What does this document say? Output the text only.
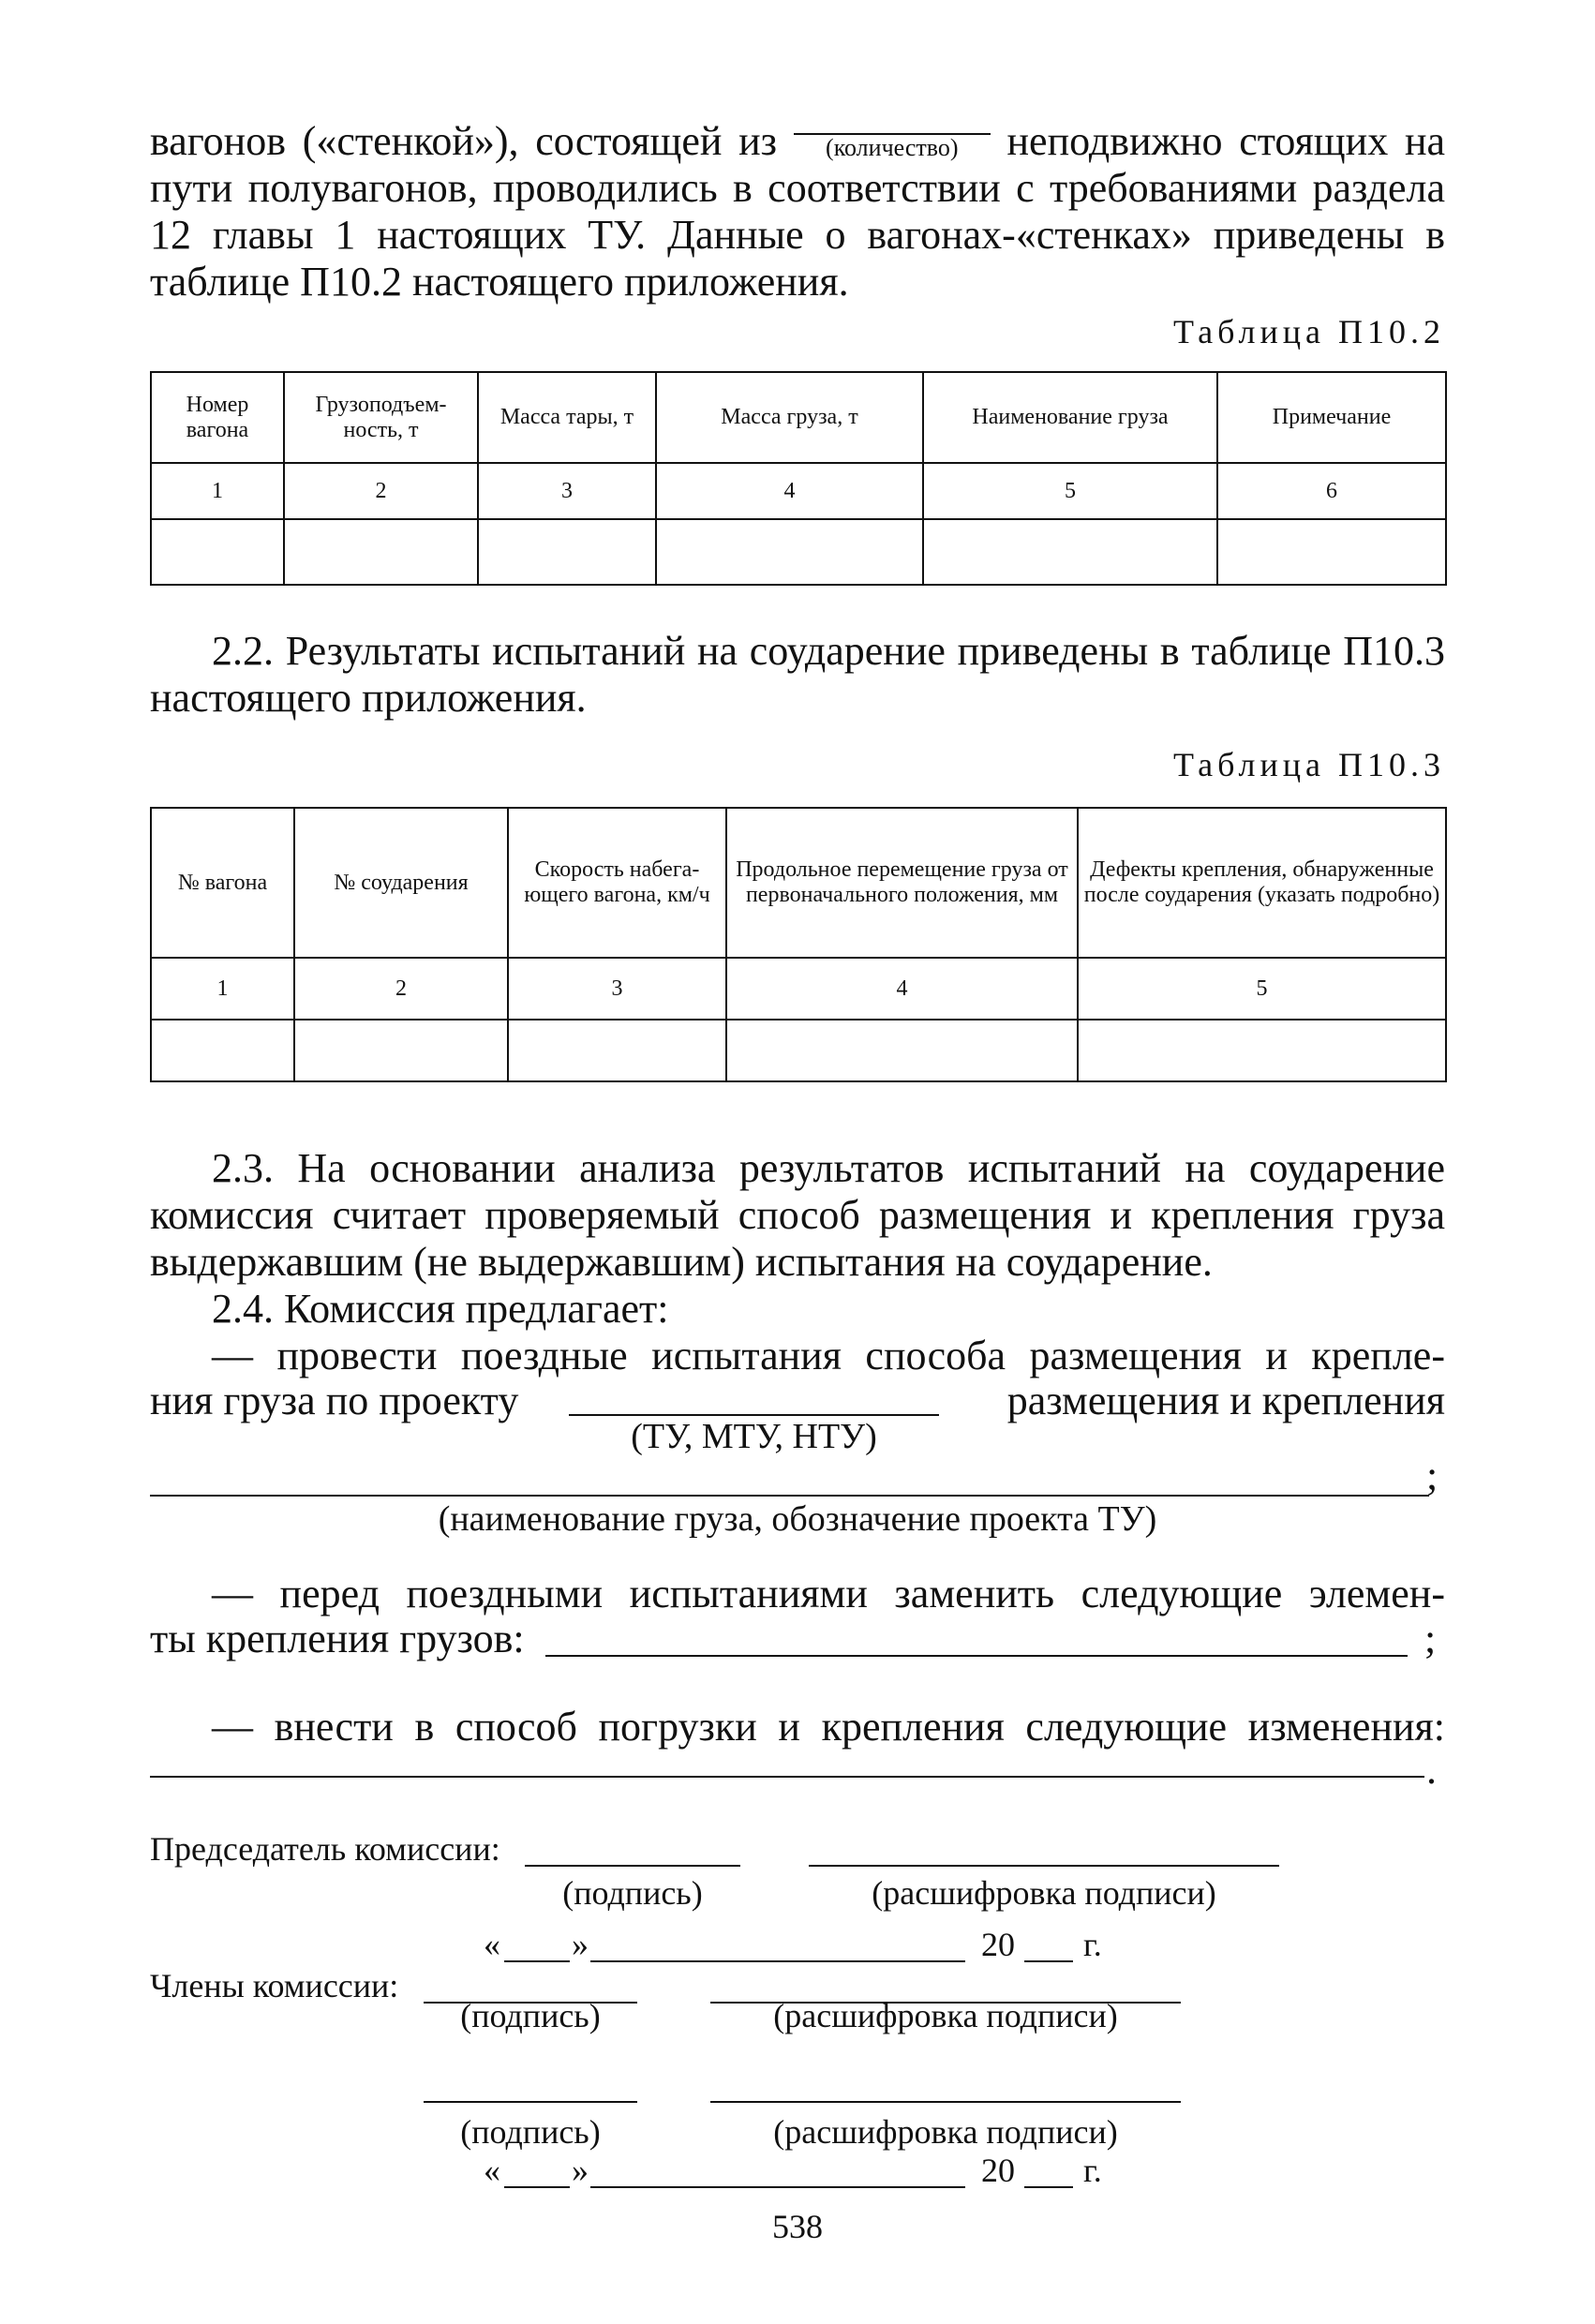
вагонов («стенкой»), состоящей из	(количество)	неподвижно стоящих на пути полувагонов, проводились в соответствии с требованиями раздела 12 главы 1 настоящих ТУ. Данные о вагонах-«стенках» приведены в таблице П10.2 настоящего приложения.

Таблица П10.2
Номер вагона	Грузоподъем-ность, т	Масса тары, т	Масса груза, т	Наименование груза	Примечание
1	2	3	4	5	6

2.2. Результаты испытаний на соударение приведены в таблице П10.3 настоящего приложения.

Таблица П10.3
№ вагона	№ соударения	Скорость набега-ющего вагона, км/ч	Продольное перемещение груза от первоначального положения, мм	Дефекты крепления, обнаруженные после соударения (указать подробно)
1	2	3	4	5

2.3. На основании анализа результатов испытаний на соударение комиссия считает проверяемый способ размещения и крепления груза выдержавшим (не выдержавшим) испытания на соударение.

2.4. Комиссия предлагает:

— провести поездные испытания способа размещения и крепле-
ния груза по проекту	размещения и крепления
(ТУ, МТУ, НТУ)
;
(наименование груза, обозначение проекта ТУ)
— перед поездными испытаниями заменить следующие элемен-
ты крепления грузов:	;
— внести в способ погрузки и крепления следующие изменения:
.
Председатель комиссии:
(подпись)	(расшифровка подписи)
« »	20 г.
Члены комиссии:
(подпись)	(расшифровка подписи)
(подпись)	(расшифровка подписи)
« »	20 г.
538
